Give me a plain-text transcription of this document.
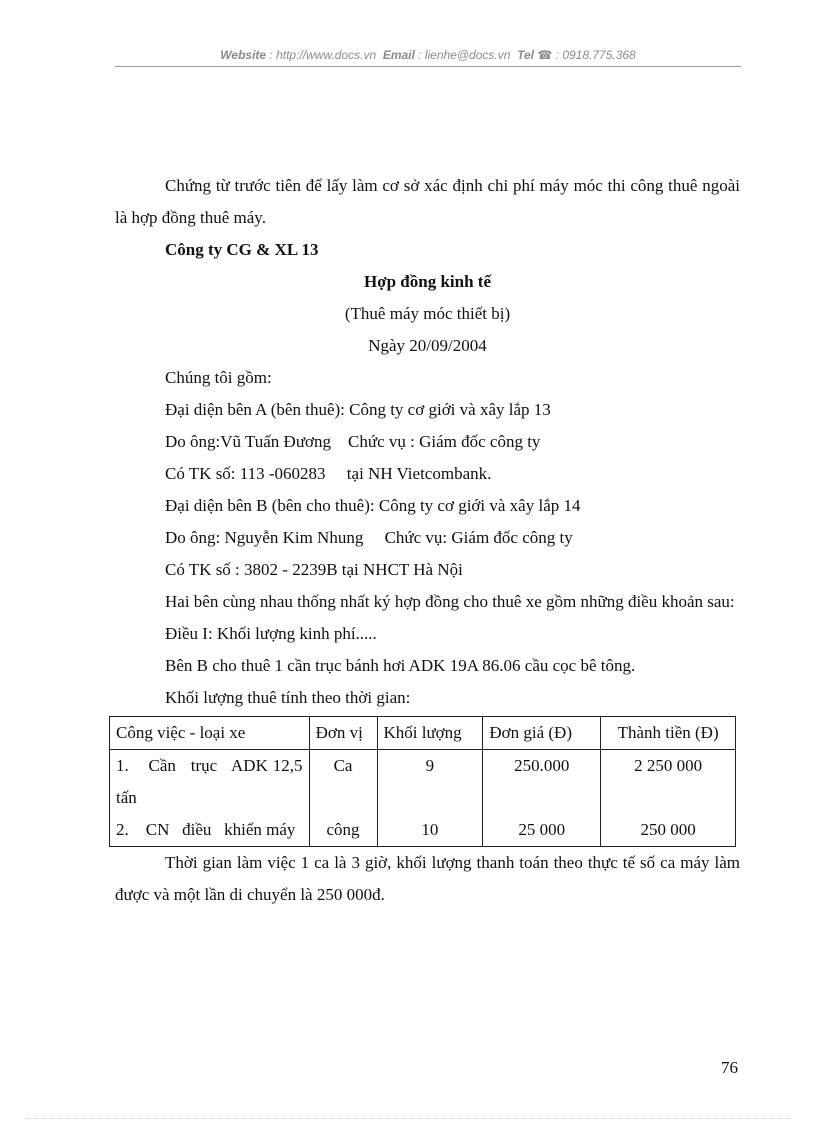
Website : http://www.docs.vn Email : lienhe@docs.vn Tel ☎ : 0918.775.368

Chứng từ trước tiên để lấy làm cơ sở xác định chi phí máy móc thi công thuê ngoài là hợp đồng thuê máy.

Công ty CG & XL 13

Hợp đồng kinh tế

(Thuê máy móc thiết bị)

Ngày 20/09/2004

Chúng tôi gồm:

Đại diện bên A (bên thuê): Công ty cơ giới và xây lắp 13

Do ông:Vũ Tuấn Đương    Chức vụ : Giám đốc công ty

Có TK số: 113 -060283     tại NH Vietcombank.

Đại diện bên B (bên cho thuê): Công ty cơ giới và xây lắp 14

Do ông: Nguyễn Kim Nhung     Chức vụ: Giám đốc công ty

Có TK số : 3802 - 2239B tại NHCT Hà Nội

Hai bên cùng nhau thống nhất ký hợp đồng cho thuê xe gồm những điều khoản sau:

Điều I: Khối lượng kinh phí.....

Bên B cho thuê 1 cần trục bánh hơi ADK 19A 86.06 cầu cọc bê tông.

Khối lượng thuê tính theo thời gian:

Công việc - loại xe	Đơn vị	Khối lượng	Đơn giá (Đ)	Thành tiền (Đ)
1.    Cần   trục   ADK 12,5 tấn	Ca	9	250.000	2 250 000
2.    CN   điều   khiển máy	công	10	25 000	250 000

Thời gian làm việc 1 ca là 3 giờ, khối lượng thanh toán theo thực tế số ca máy làm được và một lần di chuyển là 250 000đ.

76
